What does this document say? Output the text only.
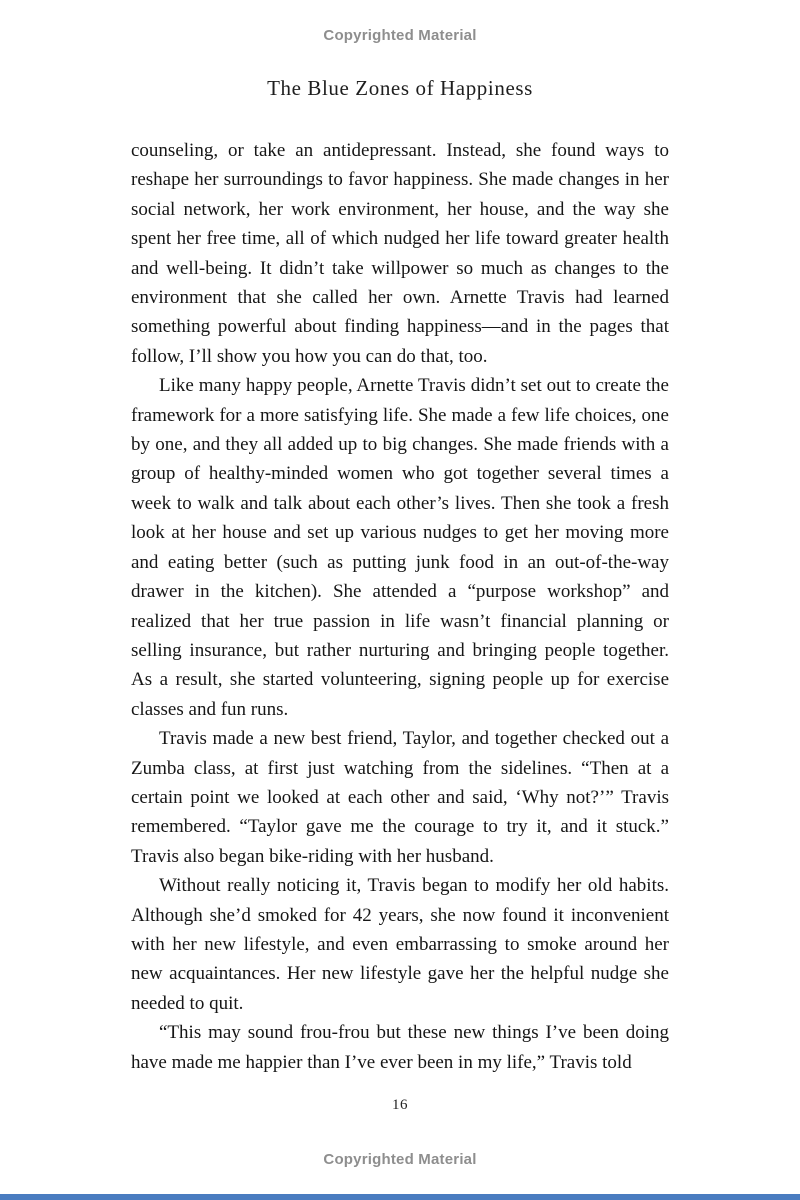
Copyrighted Material
The Blue Zones of Happiness

counseling, or take an antidepressant. Instead, she found ways to reshape her surroundings to favor happiness. She made changes in her social network, her work environment, her house, and the way she spent her free time, all of which nudged her life toward greater health and well-being. It didn’t take willpower so much as changes to the environment that she called her own. Arnette Travis had learned something powerful about finding happiness—and in the pages that follow, I’ll show you how you can do that, too.

Like many happy people, Arnette Travis didn’t set out to create the framework for a more satisfying life. She made a few life choices, one by one, and they all added up to big changes. She made friends with a group of healthy-minded women who got together several times a week to walk and talk about each other’s lives. Then she took a fresh look at her house and set up various nudges to get her moving more and eating better (such as putting junk food in an out-of-the-way drawer in the kitchen). She attended a “purpose workshop” and realized that her true passion in life wasn’t financial planning or selling insurance, but rather nurturing and bringing people together. As a result, she started volunteering, signing people up for exercise classes and fun runs.

Travis made a new best friend, Taylor, and together checked out a Zumba class, at first just watching from the sidelines. “Then at a certain point we looked at each other and said, ‘Why not?’” Travis remembered. “Taylor gave me the courage to try it, and it stuck.” Travis also began bike-riding with her husband.

Without really noticing it, Travis began to modify her old habits. Although she’d smoked for 42 years, she now found it inconvenient with her new lifestyle, and even embarrassing to smoke around her new acquaintances. Her new lifestyle gave her the helpful nudge she needed to quit.

“This may sound frou-frou but these new things I’ve been doing have made me happier than I’ve ever been in my life,” Travis told

16
Copyrighted Material
